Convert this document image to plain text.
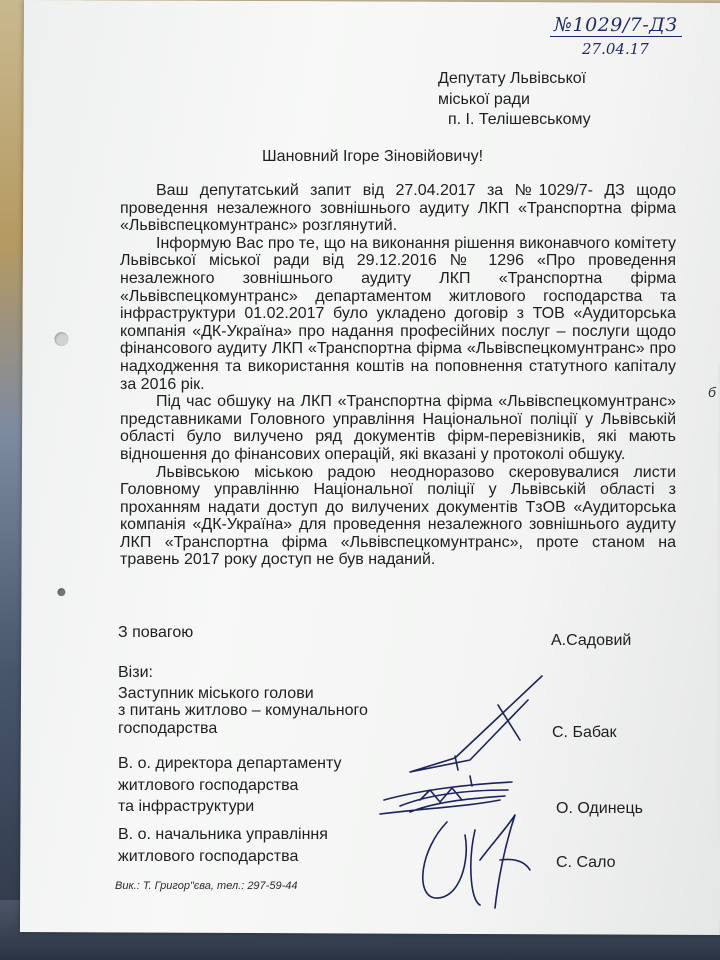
№1029/7-ДЗ
27.04.17
Депутату Львівської
міської ради
п. І. Телішевському
Шановний Ігоре Зіновійовичу!

Ваш депутатський запит від 27.04.2017 за №1029/7- ДЗ щодо проведення незалежного зовнішнього аудиту ЛКП «Транспортна фірма «Львівспецкомунтранс» розглянутий.

Інформую Вас про те, що на виконання рішення виконавчого комітету Львівської міської ради від 29.12.2016 № 1296 «Про проведення незалежного зовнішнього аудиту ЛКП «Транспортна фірма «Львівспецкомунтранс» департаментом житлового господарства та інфраструктури 01.02.2017 було укладено договір з ТОВ «Аудиторська компанія «ДК-Україна» про надання професійних послуг – послуги щодо фінансового аудиту ЛКП «Транспортна фірма «Львівспецкомунтранс» про надходження та використання коштів на поповнення статутного капіталу за 2016 рік.

Під час обшуку на ЛКП «Транспортна фірма «Львівспецкомунтранс» представниками Головного управління Національної поліції у Львівській області було вилучено ряд документів фірм-перевізників, які мають відношення до фінансових операцій, які вказані у протоколі обшуку.

Львівською міською радою неодноразово скеровувалися листи Головному управлінню Національної поліції у Львівській області з проханням надати доступ до вилучених документів ТзОВ «Аудиторська компанія «ДК-Україна» для проведення незалежного зовнішнього аудиту ЛКП «Транспортна фірма «Львівспецкомунтранс», проте станом на травень 2017 року доступ не був наданий.

З повагою	А.Садовий
Візи:
Заступник міського голови
з питань житлово – комунального
господарства	С. Бабак
В. о. директора департаменту
житлового господарства
та інфраструктури	О. Одинець
В. о. начальника управління
житлового господарства	С. Сало
Вик.: Т. Григор"єва, тел.: 297-59-44
б
